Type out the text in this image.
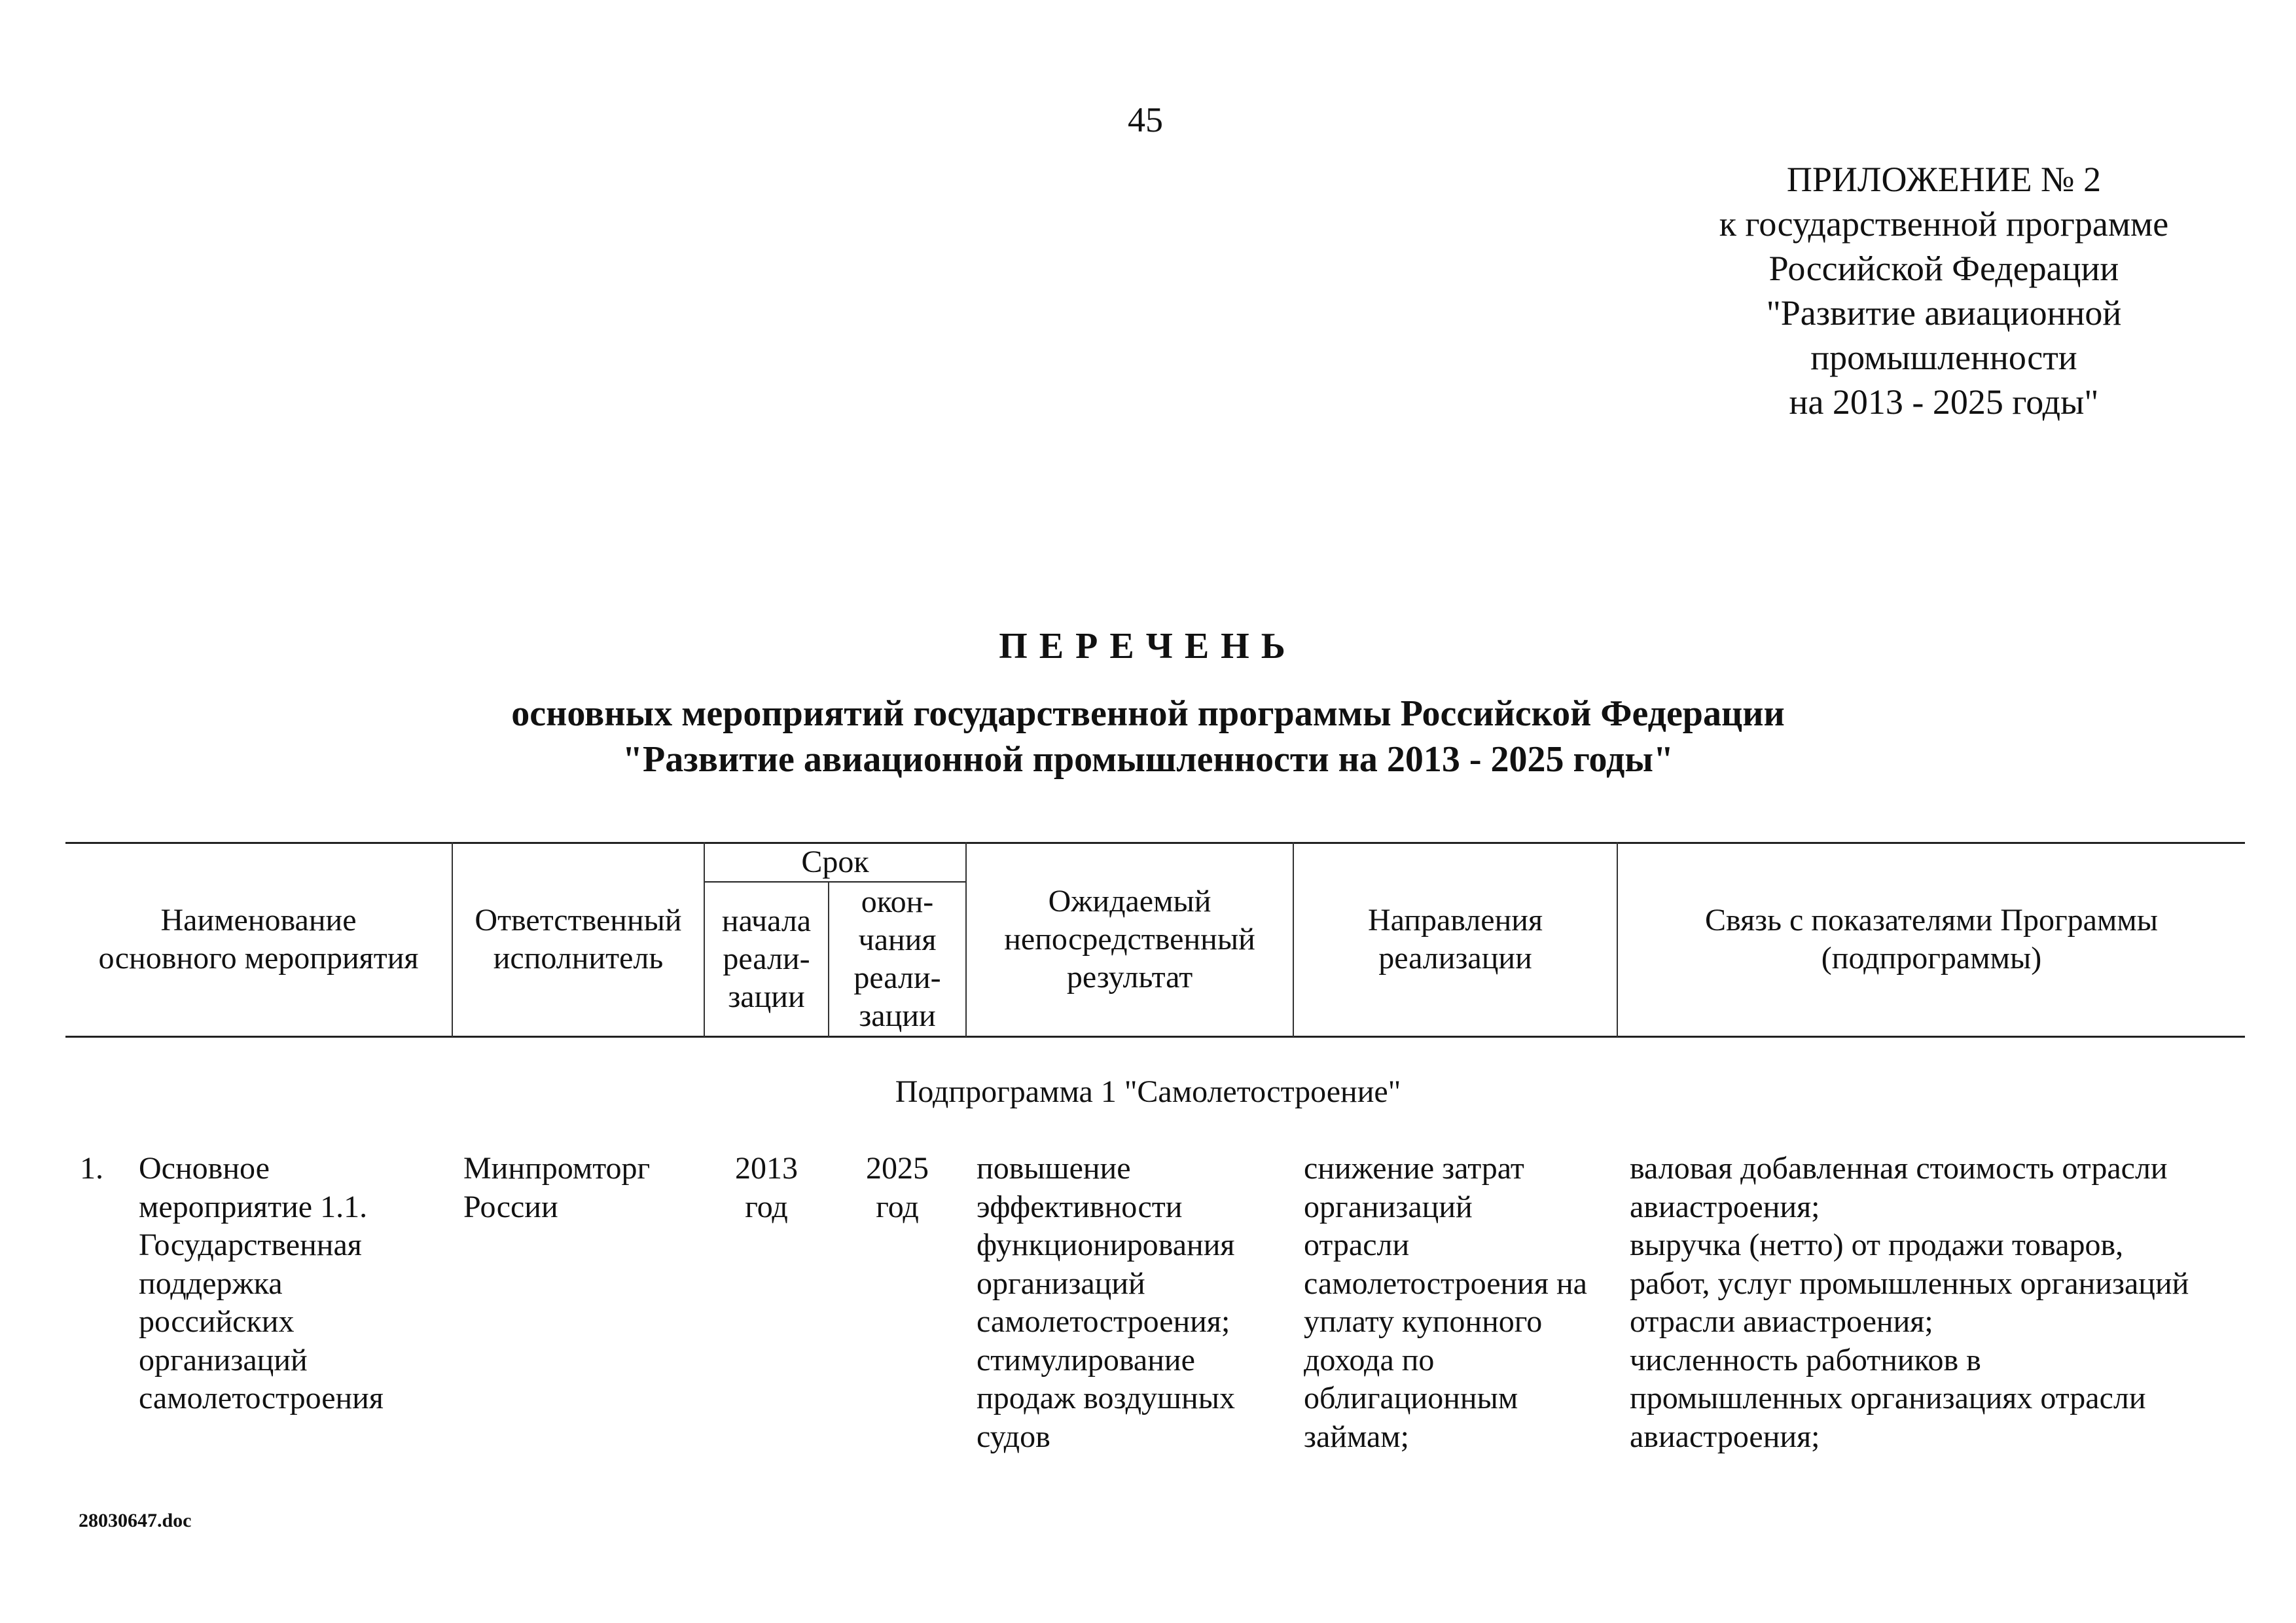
45
ПРИЛОЖЕНИЕ № 2
к государственной программе
Российской Федерации
"Развитие авиационной
промышленности
на 2013 - 2025 годы"
ПЕРЕЧЕНЬ
основных мероприятий государственной программы Российской Федерации
"Развитие авиационной промышленности на 2013 - 2025 годы"
Наименование
основного мероприятия
Ответственный
исполнитель
Срок
начала
реали-
зации
окон-
чания
реали-
зации
Ожидаемый
непосредственный
результат
Направления
реализации
Связь с показателями Программы
(подпрограммы)
Подпрограмма 1 "Самолетостроение"
1. Основное
мероприятие 1.1.
Государственная
поддержка
российских
организаций
самолетостроения
Минпромторг
России
2013
год
2025
год
повышение
эффективности
функционирования
организаций
самолетостроения;
стимулирование
продаж воздушных
судов
снижение затрат
организаций
отрасли
самолетостроения на
уплату купонного
дохода по
облигационным
займам;
валовая добавленная стоимость отрасли
авиастроения;
выручка (нетто) от продажи товаров,
работ, услуг промышленных организаций
отрасли авиастроения;
численность работников в
промышленных организациях отрасли
авиастроения;
28030647.doc
